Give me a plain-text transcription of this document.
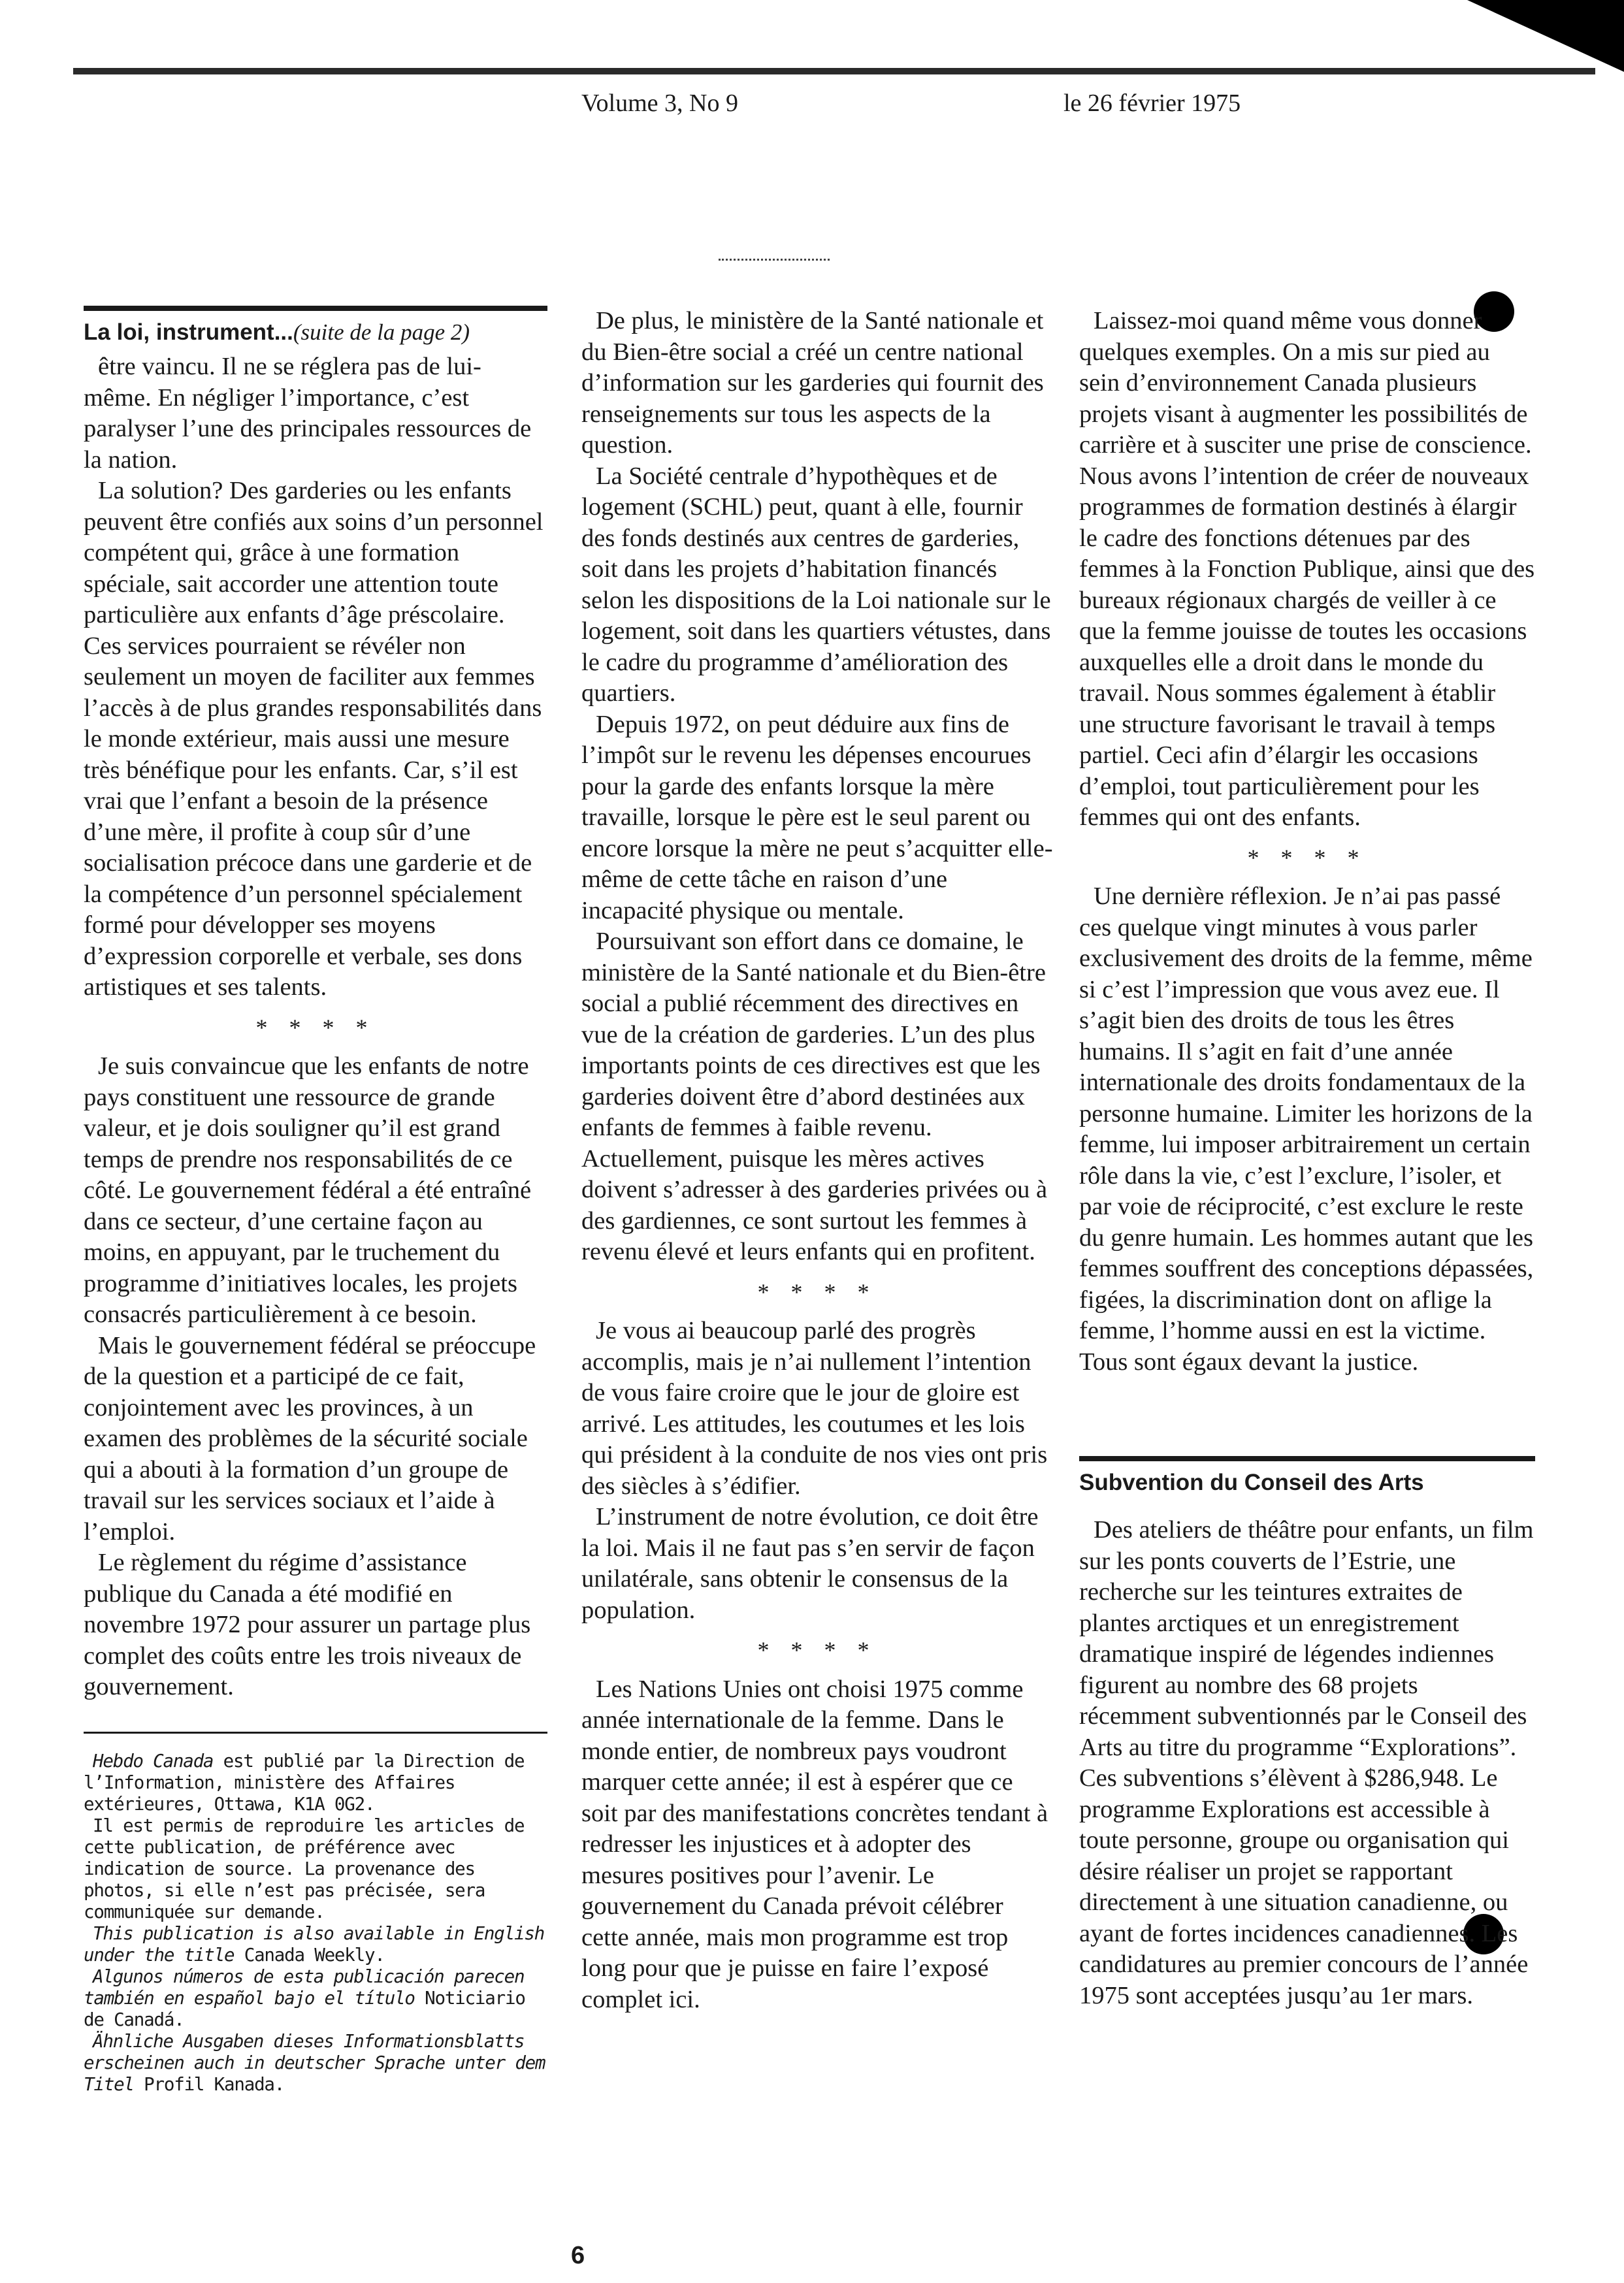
Volume 3, No 9	le 26 février 1975
La loi, instrument...(suite de la page 2)

être vaincu. Il ne se réglera pas de lui-même. En négliger l’importance, c’est paralyser l’une des principales ressources de la nation.

La solution? Des garderies ou les enfants peuvent être confiés aux soins d’un personnel compétent qui, grâce à une formation spéciale, sait accorder une attention toute particulière aux enfants d’âge préscolaire. Ces services pourraient se révéler non seulement un moyen de faciliter aux femmes l’accès à de plus grandes responsabilités dans le monde extérieur, mais aussi une mesure très bénéfique pour les enfants. Car, s’il est vrai que l’enfant a besoin de la présence d’une mère, il profite à coup sûr d’une socialisation précoce dans une garderie et de la compétence d’un personnel spécialement formé pour développer ses moyens d’expression corporelle et verbale, ses dons artistiques et ses talents.

* * * *

Je suis convaincue que les enfants de notre pays constituent une ressource de grande valeur, et je dois souligner qu’il est grand temps de prendre nos responsabilités de ce côté. Le gouvernement fédéral a été entraîné dans ce secteur, d’une certaine façon au moins, en appuyant, par le truchement du programme d’initiatives locales, les projets consacrés particulièrement à ce besoin.

Mais le gouvernement fédéral se préoccupe de la question et a participé de ce fait, conjointement avec les provinces, à un examen des problèmes de la sécurité sociale qui a abouti à la formation d’un groupe de travail sur les services sociaux et l’aide à l’emploi.

Le règlement du régime d’assistance publique du Canada a été modifié en novembre 1972 pour assurer un partage plus complet des coûts entre les trois niveaux de gouvernement.

Hebdo Canada est publié par la Direction de l’Information, ministère des Affaires extérieures, Ottawa, K1A 0G2.

Il est permis de reproduire les articles de cette publication, de préférence avec indication de source. La provenance des photos, si elle n’est pas précisée, sera communiquée sur demande.

This publication is also available in English under the title Canada Weekly.

Algunos números de esta publicación parecen también en español bajo el título Noticiario de Canadá.

Ähnliche Ausgaben dieses Informationsblatts erscheinen auch in deutscher Sprache unter dem Titel Profil Kanada.

De plus, le ministère de la Santé nationale et du Bien-être social a créé un centre national d’information sur les garderies qui fournit des renseignements sur tous les aspects de la question.

La Société centrale d’hypothèques et de logement (SCHL) peut, quant à elle, fournir des fonds destinés aux centres de garderies, soit dans les projets d’habitation financés selon les dispositions de la Loi nationale sur le logement, soit dans les quartiers vétustes, dans le cadre du programme d’amélioration des quartiers.

Depuis 1972, on peut déduire aux fins de l’impôt sur le revenu les dépenses encourues pour la garde des enfants lorsque la mère travaille, lorsque le père est le seul parent ou encore lorsque la mère ne peut s’acquitter elle-même de cette tâche en raison d’une incapacité physique ou mentale.

Poursuivant son effort dans ce domaine, le ministère de la Santé nationale et du Bien-être social a publié récemment des directives en vue de la création de garderies. L’un des plus importants points de ces directives est que les garderies doivent être d’abord destinées aux enfants de femmes à faible revenu. Actuellement, puisque les mères actives doivent s’adresser à des garderies privées ou à des gardiennes, ce sont surtout les femmes à revenu élevé et leurs enfants qui en profitent.

* * * *

Je vous ai beaucoup parlé des progrès accomplis, mais je n’ai nullement l’intention de vous faire croire que le jour de gloire est arrivé. Les attitudes, les coutumes et les lois qui président à la conduite de nos vies ont pris des siècles à s’édifier.

L’instrument de notre évolution, ce doit être la loi. Mais il ne faut pas s’en servir de façon unilatérale, sans obtenir le consensus de la population.

* * * *

Les Nations Unies ont choisi 1975 comme année internationale de la femme. Dans le monde entier, de nombreux pays voudront marquer cette année; il est à espérer que ce soit par des manifestations concrètes tendant à redresser les injustices et à adopter des mesures positives pour l’avenir. Le gouvernement du Canada prévoit célébrer cette année, mais mon programme est trop long pour que je puisse en faire l’exposé complet ici.

Laissez-moi quand même vous donner quelques exemples. On a mis sur pied au sein d’environnement Canada plusieurs projets visant à augmenter les possibilités de carrière et à susciter une prise de conscience. Nous avons l’intention de créer de nouveaux programmes de formation destinés à élargir le cadre des fonctions détenues par des femmes à la Fonction Publique, ainsi que des bureaux régionaux chargés de veiller à ce que la femme jouisse de toutes les occasions auxquelles elle a droit dans le monde du travail. Nous sommes également à établir une structure favorisant le travail à temps partiel. Ceci afin d’élargir les occasions d’emploi, tout particulièrement pour les femmes qui ont des enfants.

* * * *

Une dernière réflexion. Je n’ai pas passé ces quelque vingt minutes à vous parler exclusivement des droits de la femme, même si c’est l’impression que vous avez eue. Il s’agit bien des droits de tous les êtres humains. Il s’agit en fait d’une année internationale des droits fondamentaux de la personne humaine. Limiter les horizons de la femme, lui imposer arbitrairement un certain rôle dans la vie, c’est l’exclure, l’isoler, et par voie de réciprocité, c’est exclure le reste du genre humain. Les hommes autant que les femmes souffrent des conceptions dépassées, figées, la discrimination dont on aflige la femme, l’homme aussi en est la victime. Tous sont égaux devant la justice.

Subvention du Conseil des Arts

Des ateliers de théâtre pour enfants, un film sur les ponts couverts de l’Estrie, une recherche sur les teintures extraites de plantes arctiques et un enregistrement dramatique inspiré de légendes indiennes figurent au nombre des 68 projets récemment subventionnés par le Conseil des Arts au titre du programme “Explorations”. Ces subventions s’élèvent à $286,948. Le programme Explorations est accessible à toute personne, groupe ou organisation qui désire réaliser un projet se rapportant directement à une situation canadienne, ou ayant de fortes incidences canadiennes. Les candidatures au premier concours de l’année 1975 sont acceptées jusqu’au 1er mars.

6
